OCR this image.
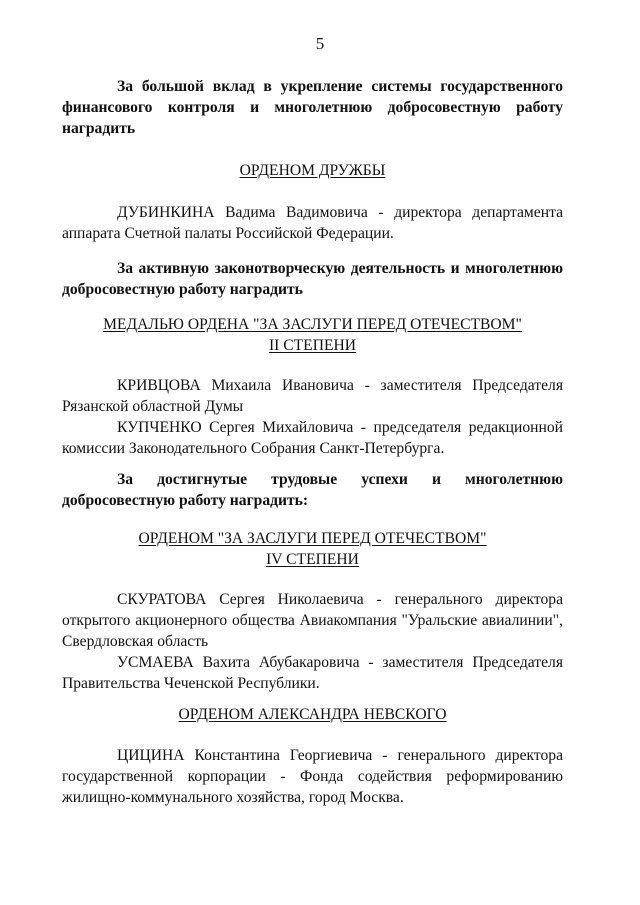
5
За большой вклад в укрепление системы государственного финансового контроля и многолетнюю добросовестную работу наградить
ОРДЕНОМ ДРУЖБЫ
ДУБИНКИНА Вадима Вадимовича - директора департамента аппарата Счетной палаты Российской Федерации.
За активную законотворческую деятельность и многолетнюю добросовестную работу наградить
МЕДАЛЬЮ ОРДЕНА "ЗА ЗАСЛУГИ ПЕРЕД ОТЕЧЕСТВОМ"
II СТЕПЕНИ
КРИВЦОВА Михаила Ивановича - заместителя Председателя Рязанской областной Думы
КУПЧЕНКО Сергея Михайловича - председателя редакционной комиссии Законодательного Собрания Санкт-Петербурга.
За достигнутые трудовые успехи и многолетнюю
добросовестную работу наградить:
ОРДЕНОМ "ЗА ЗАСЛУГИ ПЕРЕД ОТЕЧЕСТВОМ"
IV СТЕПЕНИ
СКУРАТОВА Сергея Николаевича - генерального директора открытого акционерного общества Авиакомпания "Уральские авиалинии", Свердловская область
УСМАЕВА Вахита Абубакаровича - заместителя Председателя Правительства Чеченской Республики.
ОРДЕНОМ АЛЕКСАНДРА НЕВСКОГО
ЦИЦИНА Константина Георгиевича - генерального директора государственной корпорации - Фонда содействия реформированию жилищно-коммунального хозяйства, город Москва.
